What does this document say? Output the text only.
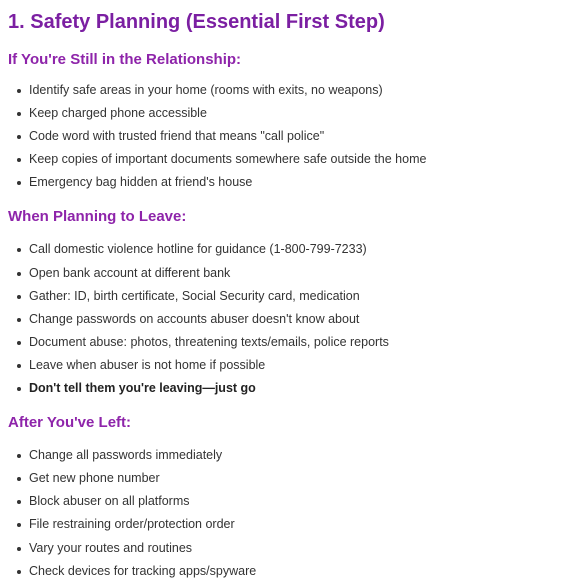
1. Safety Planning (Essential First Step)
If You're Still in the Relationship:
Identify safe areas in your home (rooms with exits, no weapons)
Keep charged phone accessible
Code word with trusted friend that means "call police"
Keep copies of important documents somewhere safe outside the home
Emergency bag hidden at friend's house
When Planning to Leave:
Call domestic violence hotline for guidance (1-800-799-7233)
Open bank account at different bank
Gather: ID, birth certificate, Social Security card, medication
Change passwords on accounts abuser doesn't know about
Document abuse: photos, threatening texts/emails, police reports
Leave when abuser is not home if possible
Don't tell them you're leaving—just go
After You've Left:
Change all passwords immediately
Get new phone number
Block abuser on all platforms
File restraining order/protection order
Vary your routes and routines
Check devices for tracking apps/spyware
